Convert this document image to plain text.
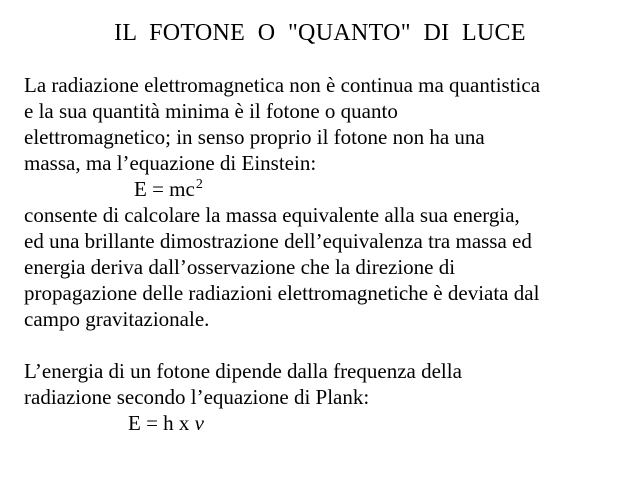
IL  FOTONE  O  "QUANTO"  DI  LUCE
La radiazione elettromagnetica non è continua ma quantistica
e la sua quantità minima è il fotone o quanto
elettromagnetico; in senso proprio il fotone non ha una
massa, ma l’equazione di Einstein:
$E = mc^2$
consente di calcolare la massa equivalente alla sua energia,
ed una brillante dimostrazione dell’equivalenza tra massa ed
energia deriva dall’osservazione che la direzione di
propagazione delle radiazioni elettromagnetiche è deviata dal
campo gravitazionale.
L’energia di un fotone dipende dalla frequenza della
radiazione secondo l’equazione di Plank:
E = h x ν
